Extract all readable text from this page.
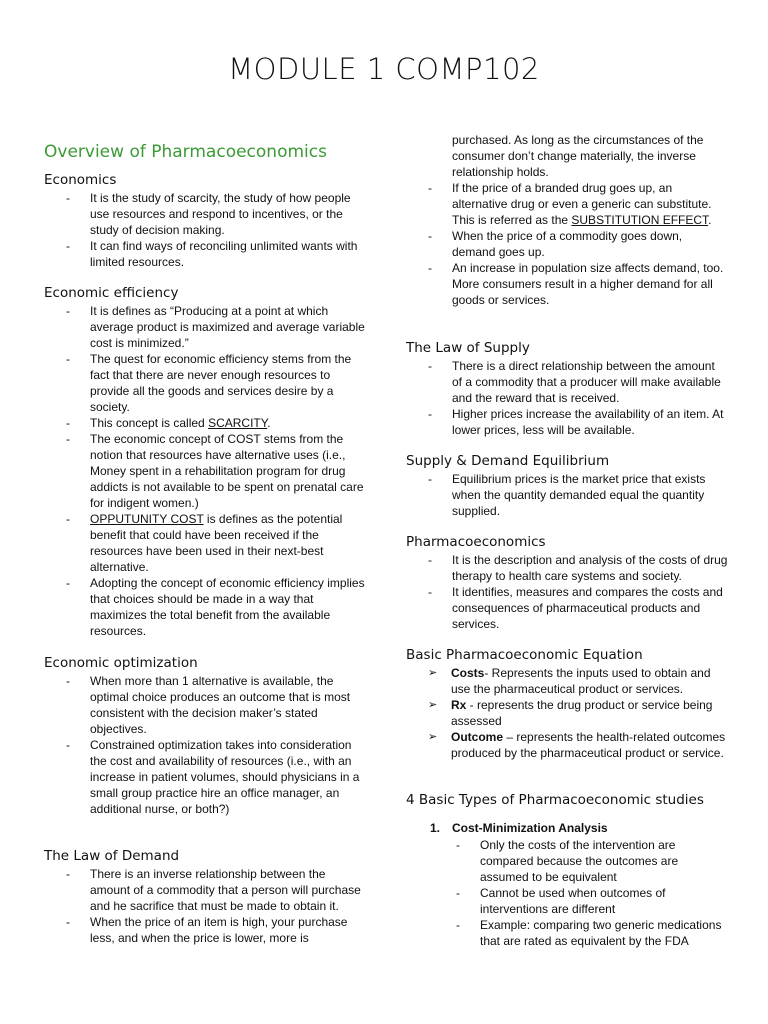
MODULE 1 COMP102
Overview of Pharmacoeconomics
Economics
- It is the study of scarcity, the study of how people use resources and respond to incentives, or the study of decision making.
- It can find ways of reconciling unlimited wants with limited resources.
Economic efficiency
- It is defines as “Producing at a point at which average product is maximized and average variable cost is minimized.”
- The quest for economic efficiency stems from the fact that there are never enough resources to provide all the goods and services desire by a society.
- This concept is called SCARCITY.
- The economic concept of COST stems from the notion that resources have alternative uses (i.e., Money spent in a rehabilitation program for drug addicts is not available to be spent on prenatal care for indigent women.)
- OPPUTUNITY COST is defines as the potential benefit that could have been received if the resources have been used in their next-best alternative.
- Adopting the concept of economic efficiency implies that choices should be made in a way that maximizes the total benefit from the available resources.
Economic optimization
- When more than 1 alternative is available, the optimal choice produces an outcome that is most consistent with the decision maker’s stated objectives.
- Constrained optimization takes into consideration the cost and availability of resources (i.e., with an increase in patient volumes, should physicians in a small group practice hire an office manager, an additional nurse, or both?)
The Law of Demand
- There is an inverse relationship between the amount of a commodity that a person will purchase and he sacrifice that must be made to obtain it.
- When the price of an item is high, your purchase less, and when the price is lower, more is
purchased. As long as the circumstances of the consumer don’t change materially, the inverse relationship holds.
- If the price of a branded drug goes up, an alternative drug or even a generic can substitute. This is referred as the SUBSTITUTION EFFECT.
- When the price of a commodity goes down, demand goes up.
- An increase in population size affects demand, too. More consumers result in a higher demand for all goods or services.
The Law of Supply
- There is a direct relationship between the amount of a commodity that a producer will make available and the reward that is received.
- Higher prices increase the availability of an item. At lower prices, less will be available.
Supply & Demand Equilibrium
- Equilibrium prices is the market price that exists when the quantity demanded equal the quantity supplied.
Pharmacoeconomics
- It is the description and analysis of the costs of drug therapy to health care systems and society.
- It identifies, measures and compares the costs and consequences of pharmaceutical products and services.
Basic Pharmacoeconomic Equation
➢ Costs- Represents the inputs used to obtain and use the pharmaceutical product or services.
➢ Rx - represents the drug product or service being assessed
➢ Outcome – represents the health-related outcomes produced by the pharmaceutical product or service.
4 Basic Types of Pharmacoeconomic studies
1. Cost-Minimization Analysis
- Only the costs of the intervention are compared because the outcomes are assumed to be equivalent
- Cannot be used when outcomes of interventions are different
- Example: comparing two generic medications that are rated as equivalent by the FDA
